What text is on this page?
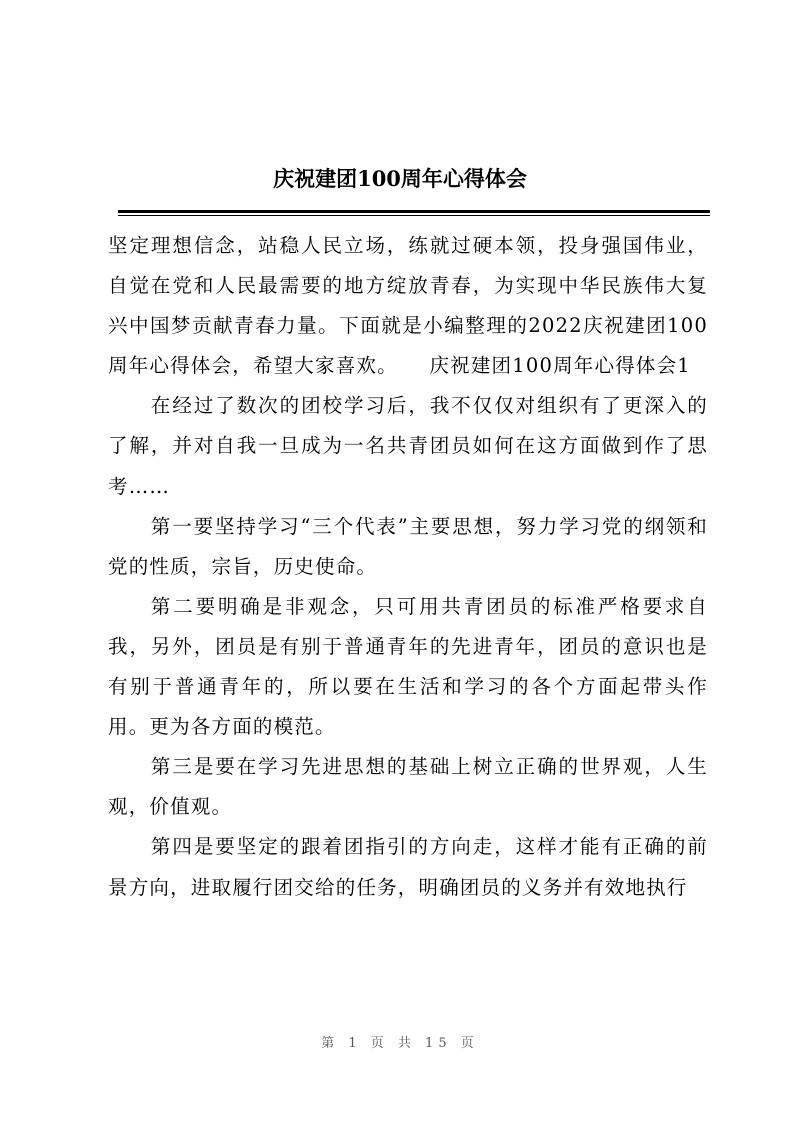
庆祝建团100周年心得体会

坚定理想信念，站稳人民立场，练就过硬本领，投身强国伟业，自觉在党和人民最需要的地方绽放青春，为实现中华民族伟大复兴中国梦贡献青春力量。下面就是小编整理的2022庆祝建团100周年心得体会，希望大家喜欢。　　庆祝建团100周年心得体会1

在经过了数次的团校学习后，我不仅仅对组织有了更深入的了解，并对自我一旦成为一名共青团员如何在这方面做到作了思考……

第一要坚持学习“三个代表”主要思想，努力学习党的纲领和党的性质，宗旨，历史使命。

第二要明确是非观念，只可用共青团员的标准严格要求自我，另外，团员是有别于普通青年的先进青年，团员的意识也是有别于普通青年的，所以要在生活和学习的各个方面起带头作用。更为各方面的模范。

第三是要在学习先进思想的基础上树立正确的世界观，人生观，价值观。

第四是要坚定的跟着团指引的方向走，这样才能有正确的前景方向，进取履行团交给的任务，明确团员的义务并有效地执行

第 1 页 共 15 页
